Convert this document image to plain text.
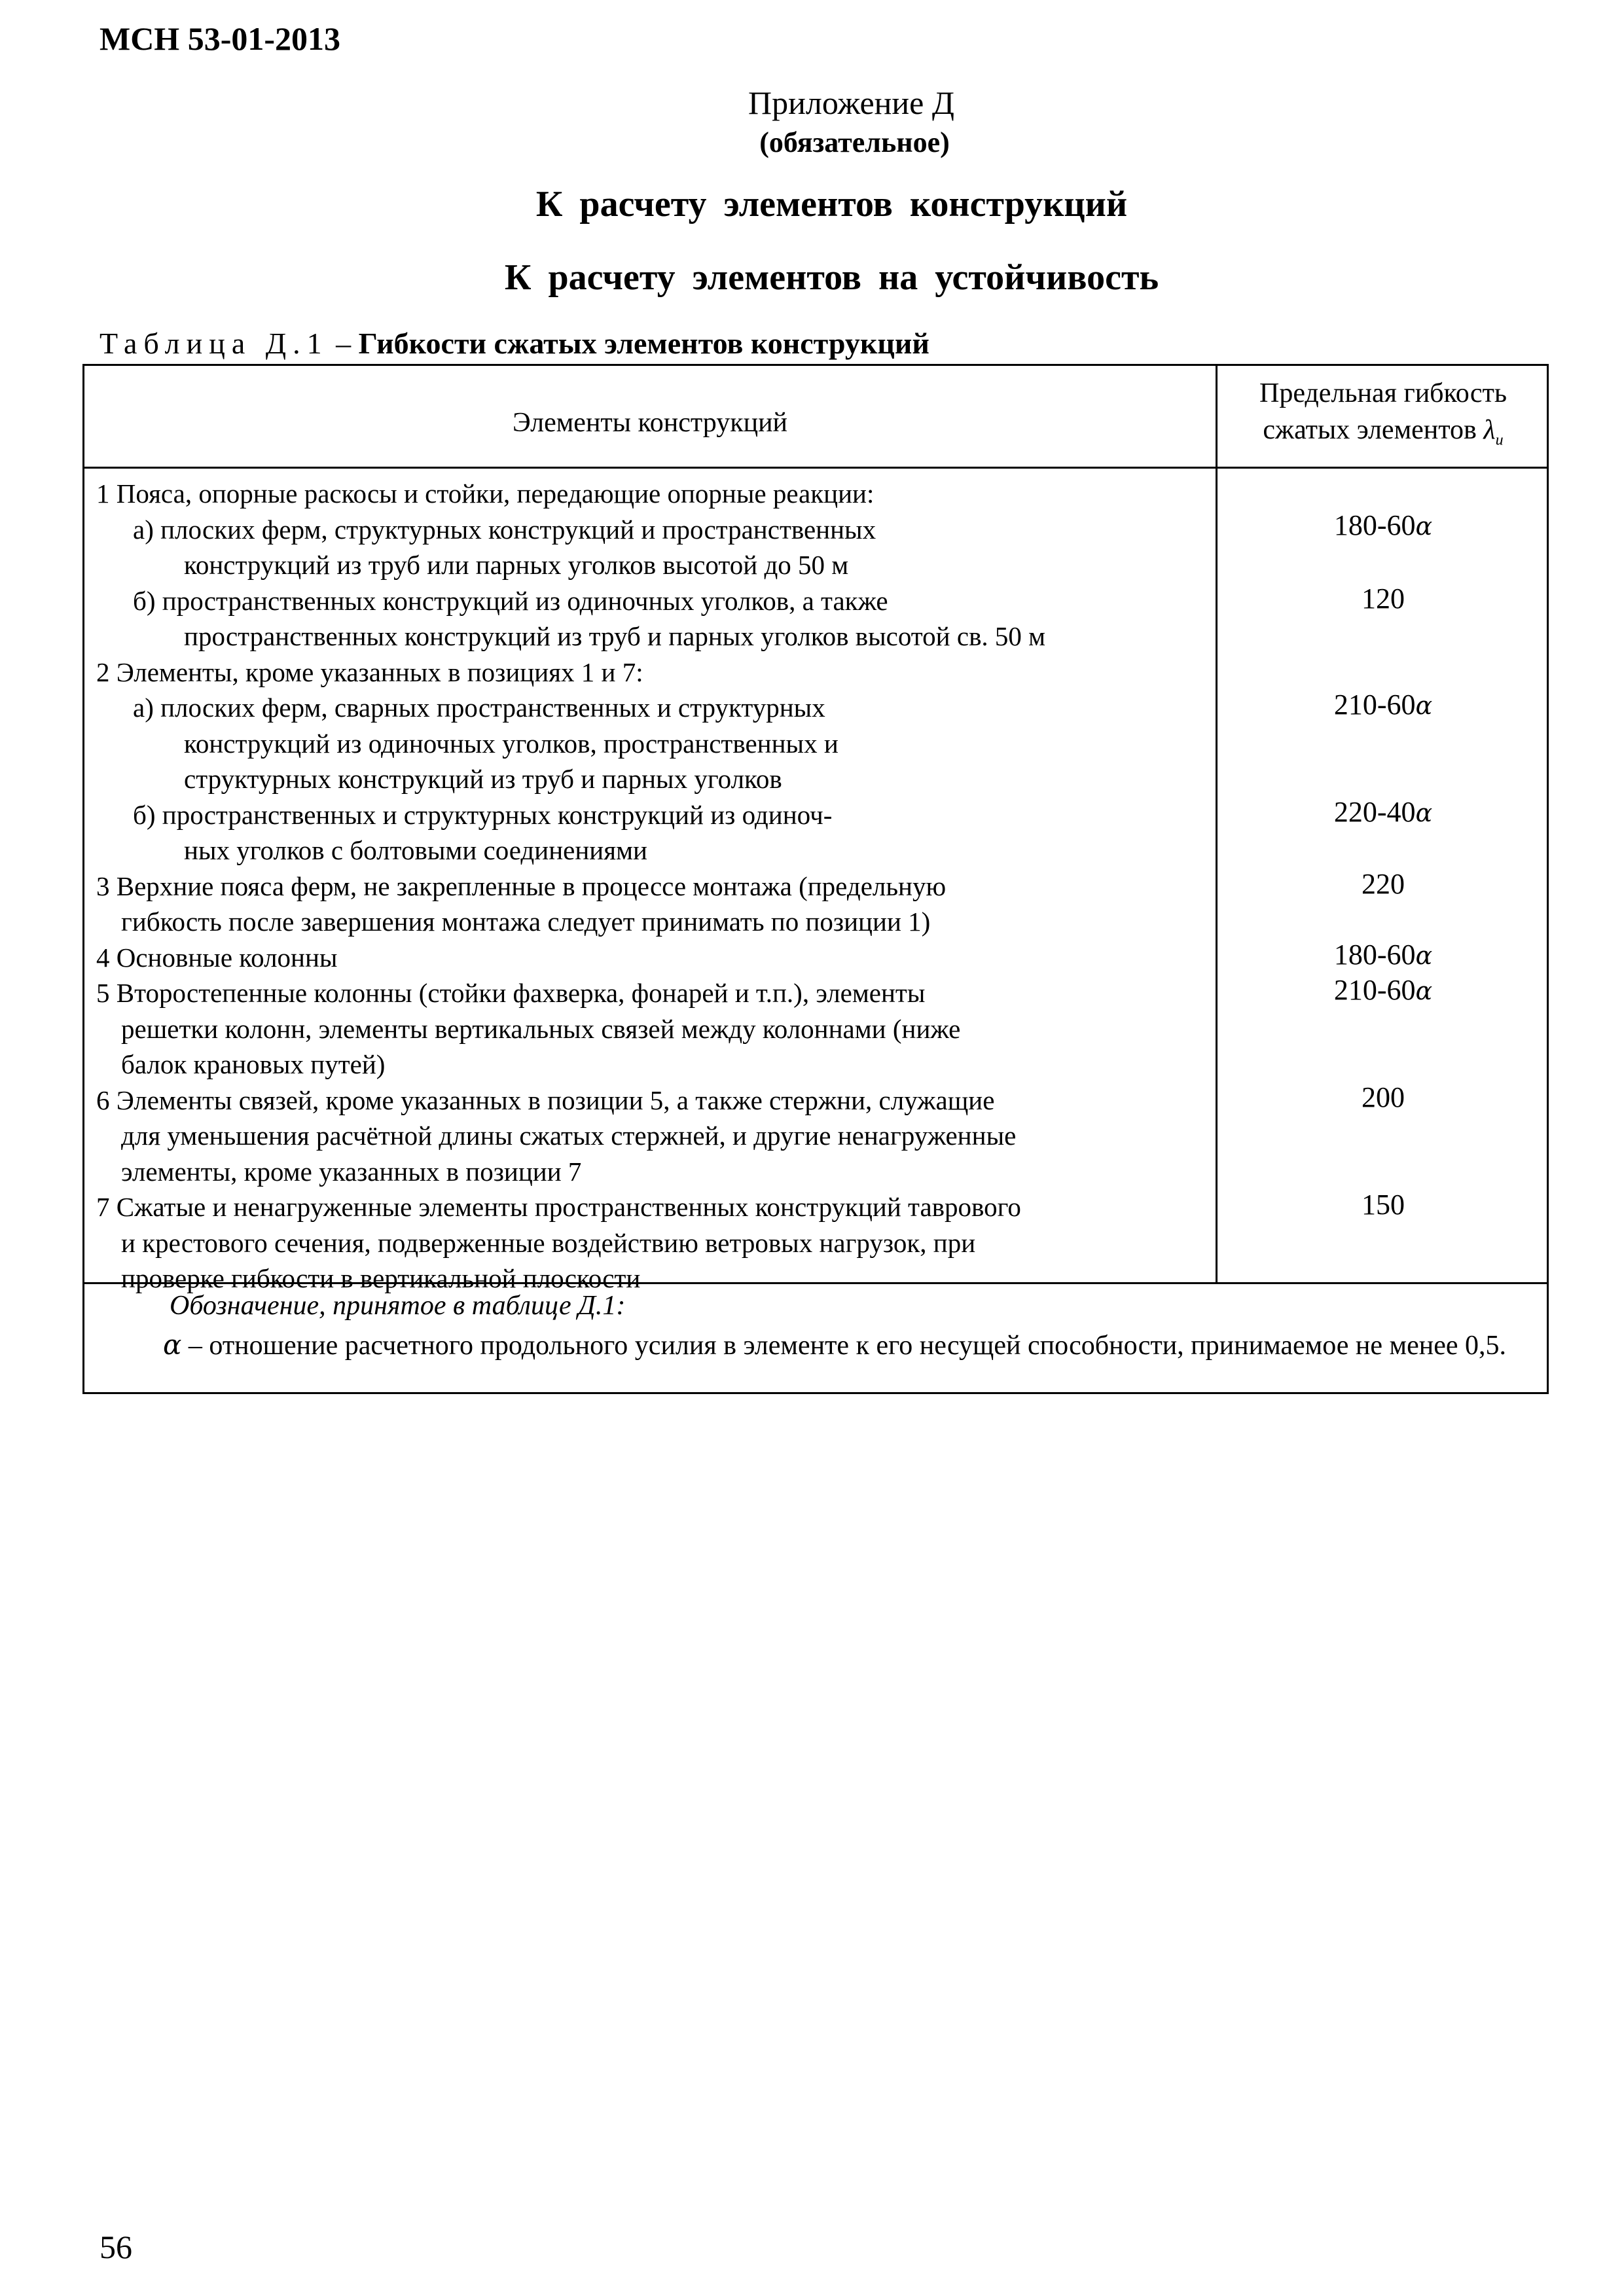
МСН 53-01-2013
Приложение Д
(обязательное)
К расчету элементов конструкций
К расчету элементов на устойчивость
Таблица Д.1 – Гибкости сжатых элементов конструкций
Элементы конструкций
Предельная гибкость
сжатых элементов $\lambda_u$
1 Пояса, опорные раскосы и стойки, передающие опорные реакции:
а) плоских ферм, структурных конструкций и пространственных
конструкций из труб или парных уголков высотой до 50 м
б) пространственных конструкций из одиночных уголков, а также
пространственных конструкций из труб и парных уголков высотой св. 50 м
2 Элементы, кроме указанных в позициях 1 и 7:
а) плоских ферм, сварных пространственных и структурных
конструкций из одиночных уголков, пространственных и
структурных конструкций из труб и парных уголков
б) пространственных и структурных конструкций из одиноч-
ных уголков с болтовыми соединениями
3 Верхние пояса ферм, не закрепленные в процессе монтажа (предельную
гибкость после завершения монтажа следует принимать по позиции 1)
4 Основные колонны
5 Второстепенные колонны (стойки фахверка, фонарей и т.п.), элементы
решетки колонн, элементы вертикальных связей между колоннами (ниже
балок крановых путей)
6 Элементы связей, кроме указанных в позиции 5, а также стержни, служащие
для уменьшения расчётной длины сжатых стержней, и другие ненагруженные
элементы, кроме указанных в позиции 7
7 Сжатые и ненагруженные элементы пространственных конструкций таврового
и крестового сечения, подверженные воздействию ветровых нагрузок, при
проверке гибкости в вертикальной плоскости
180-60α
120
210-60α
220-40α
220
180-60α
210-60α
200
150
Обозначение, принятое в таблице Д.1:
α – отношение расчетного продольного усилия в элементе к его несущей способности, принимаемое не менее 0,5.
56
